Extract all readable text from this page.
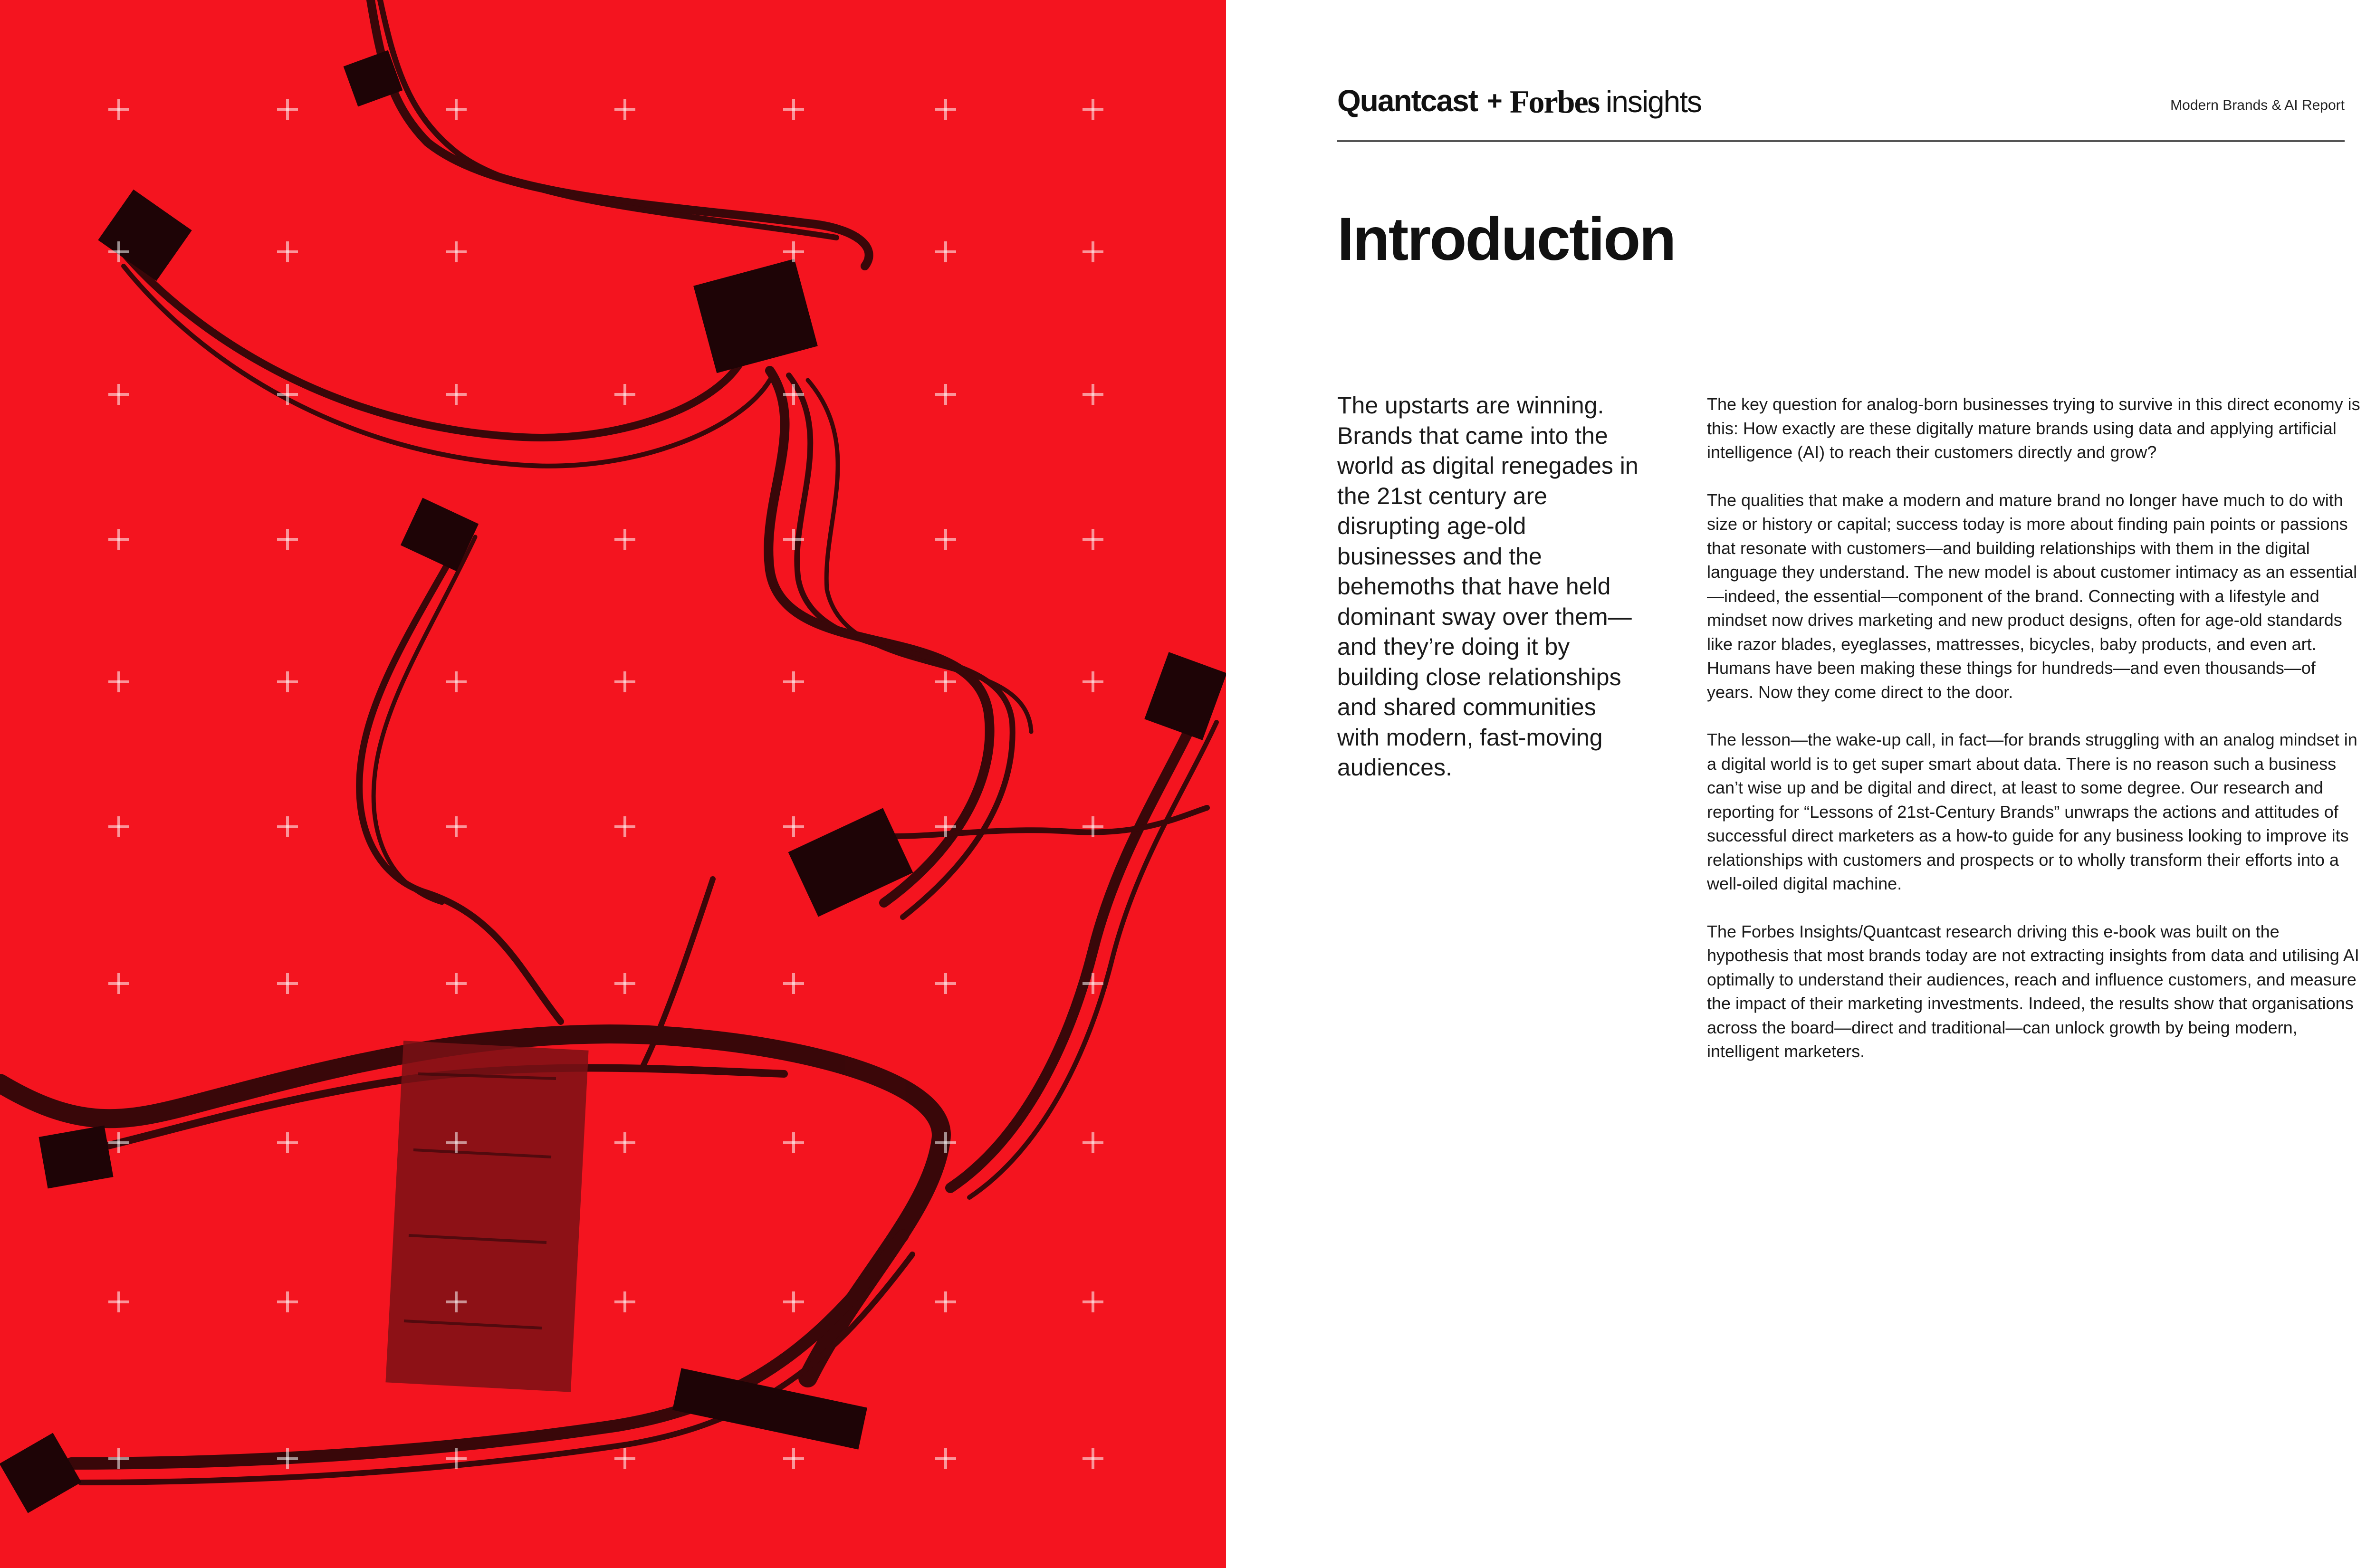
Quantcast + Forbes insights	Modern Brands & AI Report
Introduction
The upstarts are winning. Brands that came into the world as digital renegades in the 21st century are disrupting age-old businesses and the behemoths that have held dominant sway over them—and they’re doing it by building close relationships and shared communities with modern, fast-moving audiences.

The key question for analog-born businesses trying to survive in this direct economy is this: How exactly are these digitally mature brands using data and applying artificial intelligence (AI) to reach their customers directly and grow?

The qualities that make a modern and mature brand no longer have much to do with size or history or capital; success today is more about finding pain points or passions that resonate with customers—and building relationships with them in the digital language they understand. The new model is about customer intimacy as an essential—indeed, the essential—component of the brand. Connecting with a lifestyle and mindset now drives marketing and new product designs, often for age-old standards like razor blades, eyeglasses, mattresses, bicycles, baby products, and even art. Humans have been making these things for hundreds—and even thousands—of years. Now they come direct to the door.

The lesson—the wake-up call, in fact—for brands struggling with an analog mindset in a digital world is to get super smart about data. There is no reason such a business can’t wise up and be digital and direct, at least to some degree. Our research and reporting for “Lessons of 21st-Century Brands” unwraps the actions and attitudes of successful direct marketers as a how-to guide for any business looking to improve its relationships with customers and prospects or to wholly transform their efforts into a well-oiled digital machine.

The Forbes Insights/Quantcast research driving this e-book was built on the hypothesis that most brands today are not extracting insights from data and utilising AI optimally to understand their audiences, reach and influence customers, and measure the impact of their marketing investments. Indeed, the results show that organisations across the board—direct and traditional—can unlock growth by being modern, intelligent marketers.
